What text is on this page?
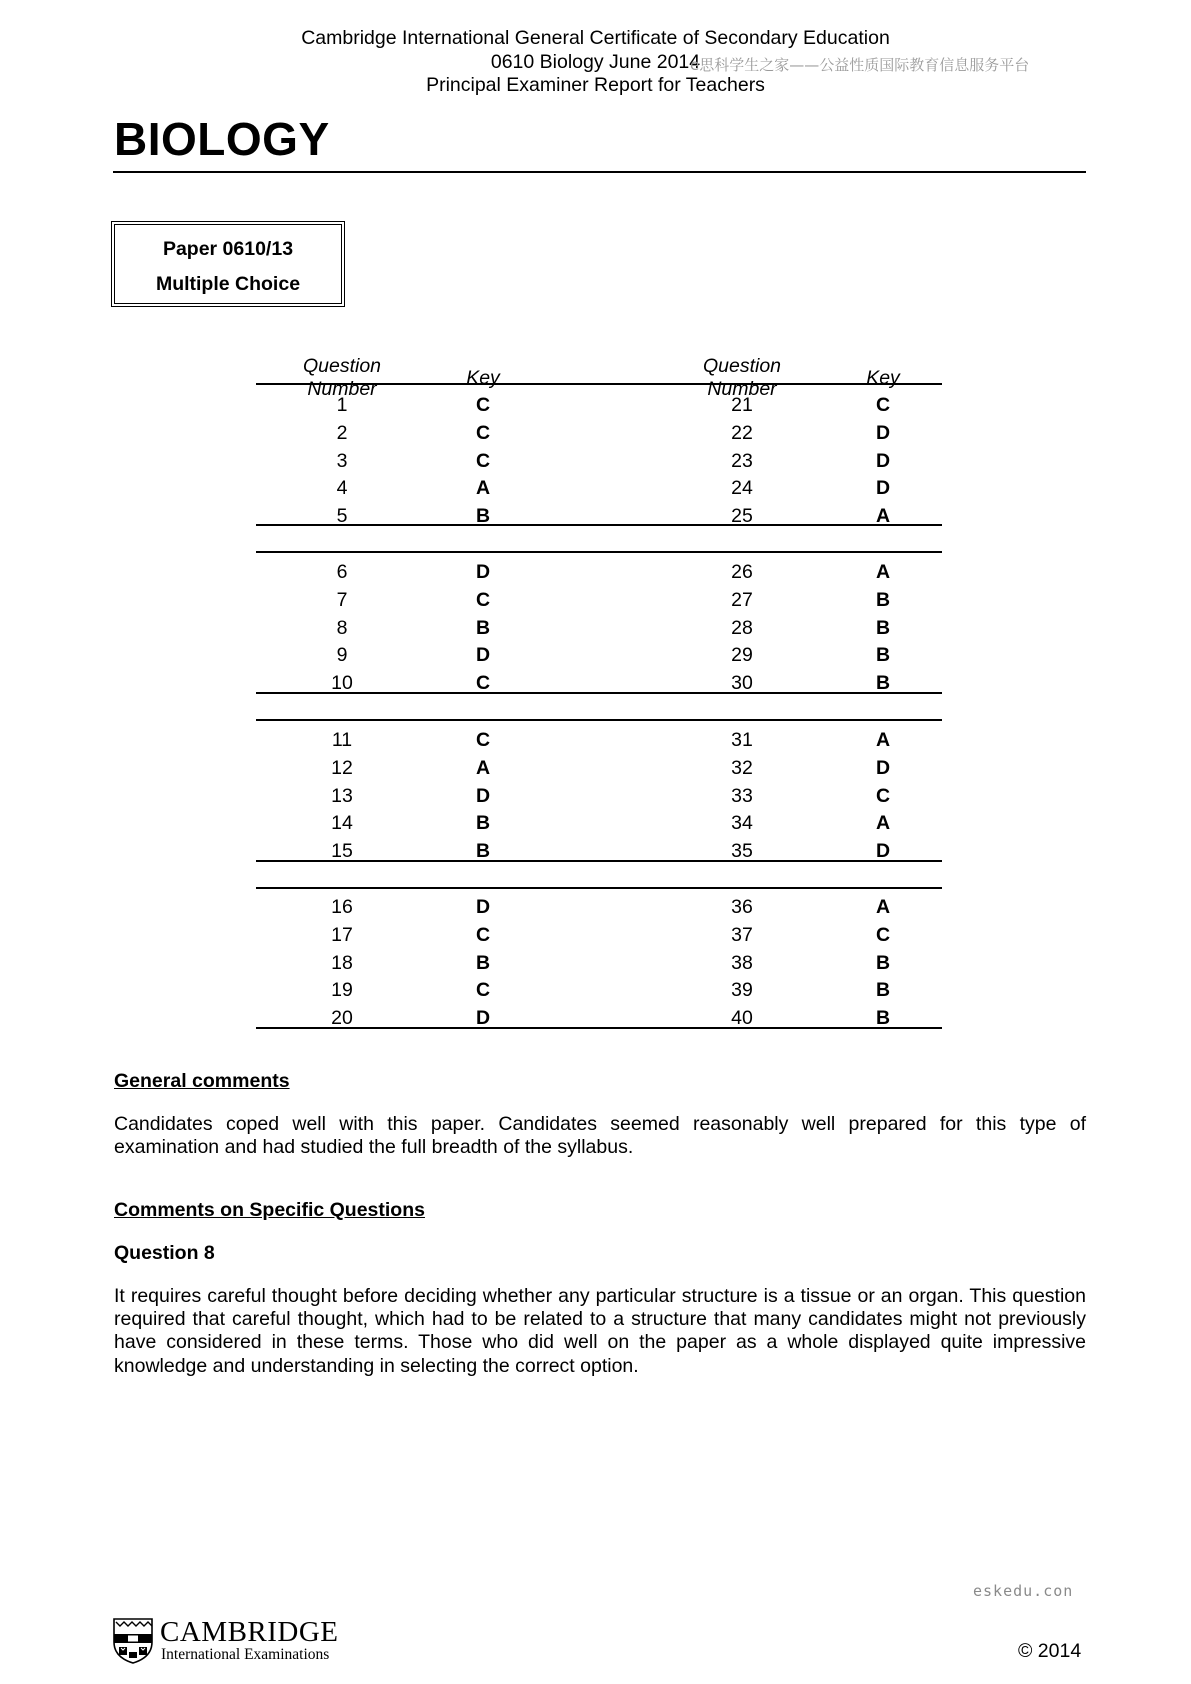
Cambridge International General Certificate of Secondary Education
0610 Biology June 2014
Principal Examiner Report for Teachers
e思科学生之家——公益性质国际教育信息服务平台
BIOLOGY
Paper 0610/13
Multiple Choice
Question
Number	Key
Question
Number	Key
1	C	21	C
2	C	22	D
3	C	23	D
4	A	24	D
5	B	25	A
6	D	26	A
7	C	27	B
8	B	28	B
9	D	29	B
10	C	30	B
11	C	31	A
12	A	32	D
13	D	33	C
14	B	34	A
15	B	35	D
16	D	36	A
17	C	37	C
18	B	38	B
19	C	39	B
20	D	40	B
General comments
Candidates coped well with this paper. Candidates seemed reasonably well prepared for this type of examination and had studied the full breadth of the syllabus.
Comments on Specific Questions
Question 8
It requires careful thought before deciding whether any particular structure is a tissue or an organ. This question required that careful thought, which had to be related to a structure that many candidates might not previously have considered in these terms. Those who did well on the paper as a whole displayed quite impressive knowledge and understanding in selecting the correct option.
eskedu.con
CAMBRIDGE
International Examinations	© 2014
